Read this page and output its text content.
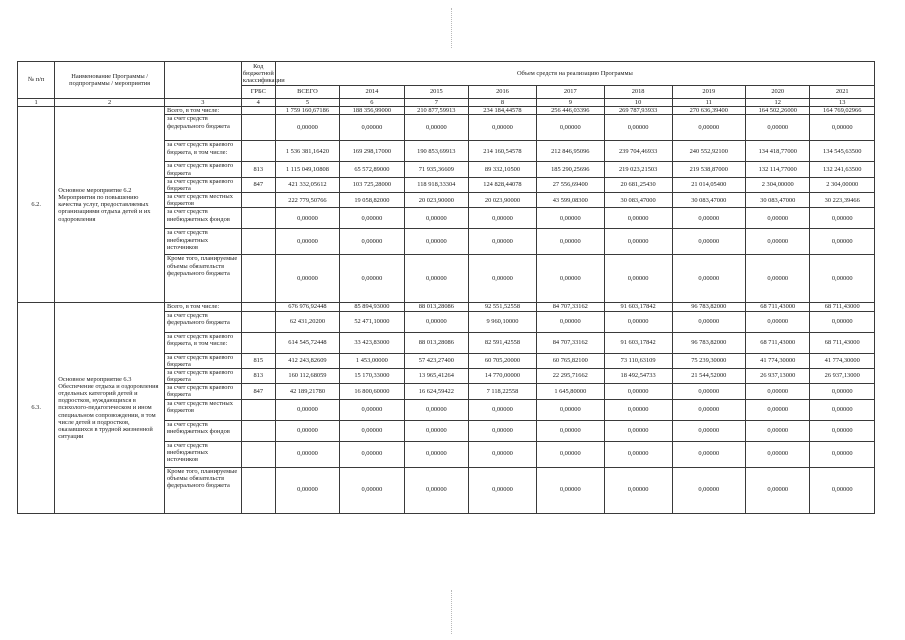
№ п/п	Наименование Программы / подпрограммы / мероприятия		Код бюджетной классификации	Объем средств на реализацию Программы								
			ГРБС	ВСЕГО	2014	2015	2016	2017	2018	2019	2020	2021
1	2	3	4	5	6	7	8	9	10	11	12	13
6.2.	Основное мероприятие 6.2 Мероприятия по повышению качества услуг, предоставляемых организациями отдыха детей и их оздоровления	Всего, в том числе:		1 759 160,67186	188 356,99000	210 877,59913	234 184,44578	256 446,03396	269 787,93933	270 636,39400	164 502,26000	164 769,02966
		за счет средств федерального бюджета		0,00000	0,00000	0,00000	0,00000	0,00000	0,00000	0,00000	0,00000	0,00000
		за счет средств краевого бюджета, в том числе:		1 536 381,16420	169 298,17000	190 853,69913	214 160,54578	212 846,95096	239 704,46933	240 552,92100	134 418,77000	134 545,63500
		за счет средств краевого бюджета	813	1 115 049,10808	65 572,89000	71 935,36609	89 332,10500	185 290,25696	219 023,21503	219 538,87000	132 114,77000	132 241,63500
		за счет средств краевого бюджета	847	421 332,05612	103 725,28000	118 918,33304	124 828,44078	27 556,69400	20 681,25430	21 014,05400	2 304,00000	2 304,00000
		за счет средств местных бюджетов		222 779,50766	19 058,82000	20 023,90000	20 023,90000	43 599,08300	30 083,47000	30 083,47000	30 083,47000	30 223,39466
		за счет средств внебюджетных фондов		0,00000	0,00000	0,00000	0,00000	0,00000	0,00000	0,00000	0,00000	0,00000
		за счет средств внебюджетных источников		0,00000	0,00000	0,00000	0,00000	0,00000	0,00000	0,00000	0,00000	0,00000
		Кроме того, планируемые объемы обязательств федерального бюджета		0,00000	0,00000	0,00000	0,00000	0,00000	0,00000	0,00000	0,00000	0,00000
6.3.	Основное мероприятие 6.3 Обеспечение отдыха и оздоровления отдельных категорий детей и подростков, нуждающихся в психолого-педагогическом и ином специальном сопровождении, в том числе детей и подростков, оказавшихся в трудной жизненной ситуации	Всего, в том числе:		676 976,92448	85 894,93000	88 013,28086	92 551,52558	84 707,33162	91 603,17842	96 783,82000	68 711,43000	68 711,43000
		за счет средств федерального бюджета		62 431,20200	52 471,10000	0,00000	9 960,10000	0,00000	0,00000	0,00000	0,00000	0,00000
		за счет средств краевого бюджета, в том числе:		614 545,72448	33 423,83000	88 013,28086	82 591,42558	84 707,33162	91 603,17842	96 783,82000	68 711,43000	68 711,43000
		за счет средств краевого бюджета	815	412 243,82609	1 453,00000	57 423,27400	60 705,20000	60 765,82100	73 110,63109	75 239,30000	41 774,30000	41 774,30000
		за счет средств краевого бюджета	813	160 112,68059	15 170,33000	13 965,41264	14 770,00000	22 295,71662	18 492,54733	21 544,52000	26 937,13000	26 937,13000
		за счет средств краевого бюджета	847	42 189,21780	16 800,60000	16 624,59422	7 118,22558	1 645,80000	0,00000	0,00000	0,00000	0,00000
		за счет средств местных бюджетов		0,00000	0,00000	0,00000	0,00000	0,00000	0,00000	0,00000	0,00000	0,00000
		за счет средств внебюджетных фондов		0,00000	0,00000	0,00000	0,00000	0,00000	0,00000	0,00000	0,00000	0,00000
		за счет средств внебюджетных источников		0,00000	0,00000	0,00000	0,00000	0,00000	0,00000	0,00000	0,00000	0,00000
		Кроме того, планируемые объемы обязательств федерального бюджета		0,00000	0,00000	0,00000	0,00000	0,00000	0,00000	0,00000	0,00000	0,00000
